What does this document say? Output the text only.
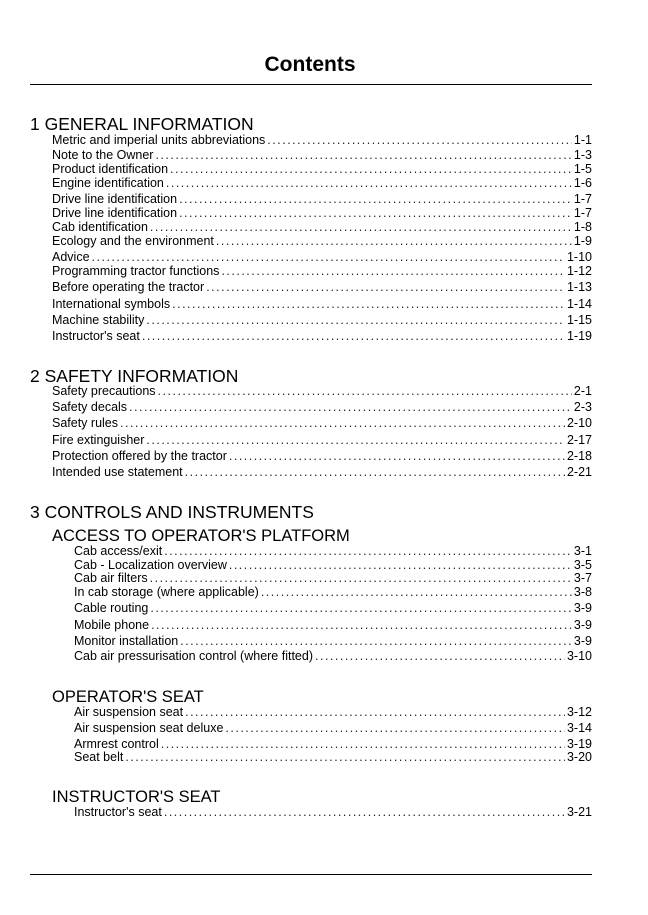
Contents
1 GENERAL INFORMATION
Metric and imperial units abbreviations .....	1-1
Note to the Owner .....	1-3
Product identification .....	1-5
Engine identification .....	1-6
Drive line identification .....	1-7
Drive line identification .....	1-7
Cab identification .....	1-8
Ecology and the environment .....	1-9
Advice .....	1-10
Programming tractor functions .....	1-12
Before operating the tractor .....	1-13
International symbols .....	1-14
Machine stability .....	1-15
Instructor's seat .....	1-19
2 SAFETY INFORMATION
Safety precautions .....	2-1
Safety decals .....	2-3
Safety rules .....	2-10
Fire extinguisher .....	2-17
Protection offered by the tractor .....	2-18
Intended use statement .....	2-21
3 CONTROLS AND INSTRUMENTS
ACCESS TO OPERATOR'S PLATFORM
Cab access/exit .....	3-1
Cab - Localization overview .....	3-5
Cab air filters .....	3-7
In cab storage (where applicable) .....	3-8
Cable routing .....	3-9
Mobile phone .....	3-9
Monitor installation .....	3-9
Cab air pressurisation control (where fitted) .....	3-10
OPERATOR'S SEAT
Air suspension seat .....	3-12
Air suspension seat deluxe .....	3-14
Armrest control .....	3-19
Seat belt .....	3-20
INSTRUCTOR'S SEAT
Instructor's seat .....	3-21
